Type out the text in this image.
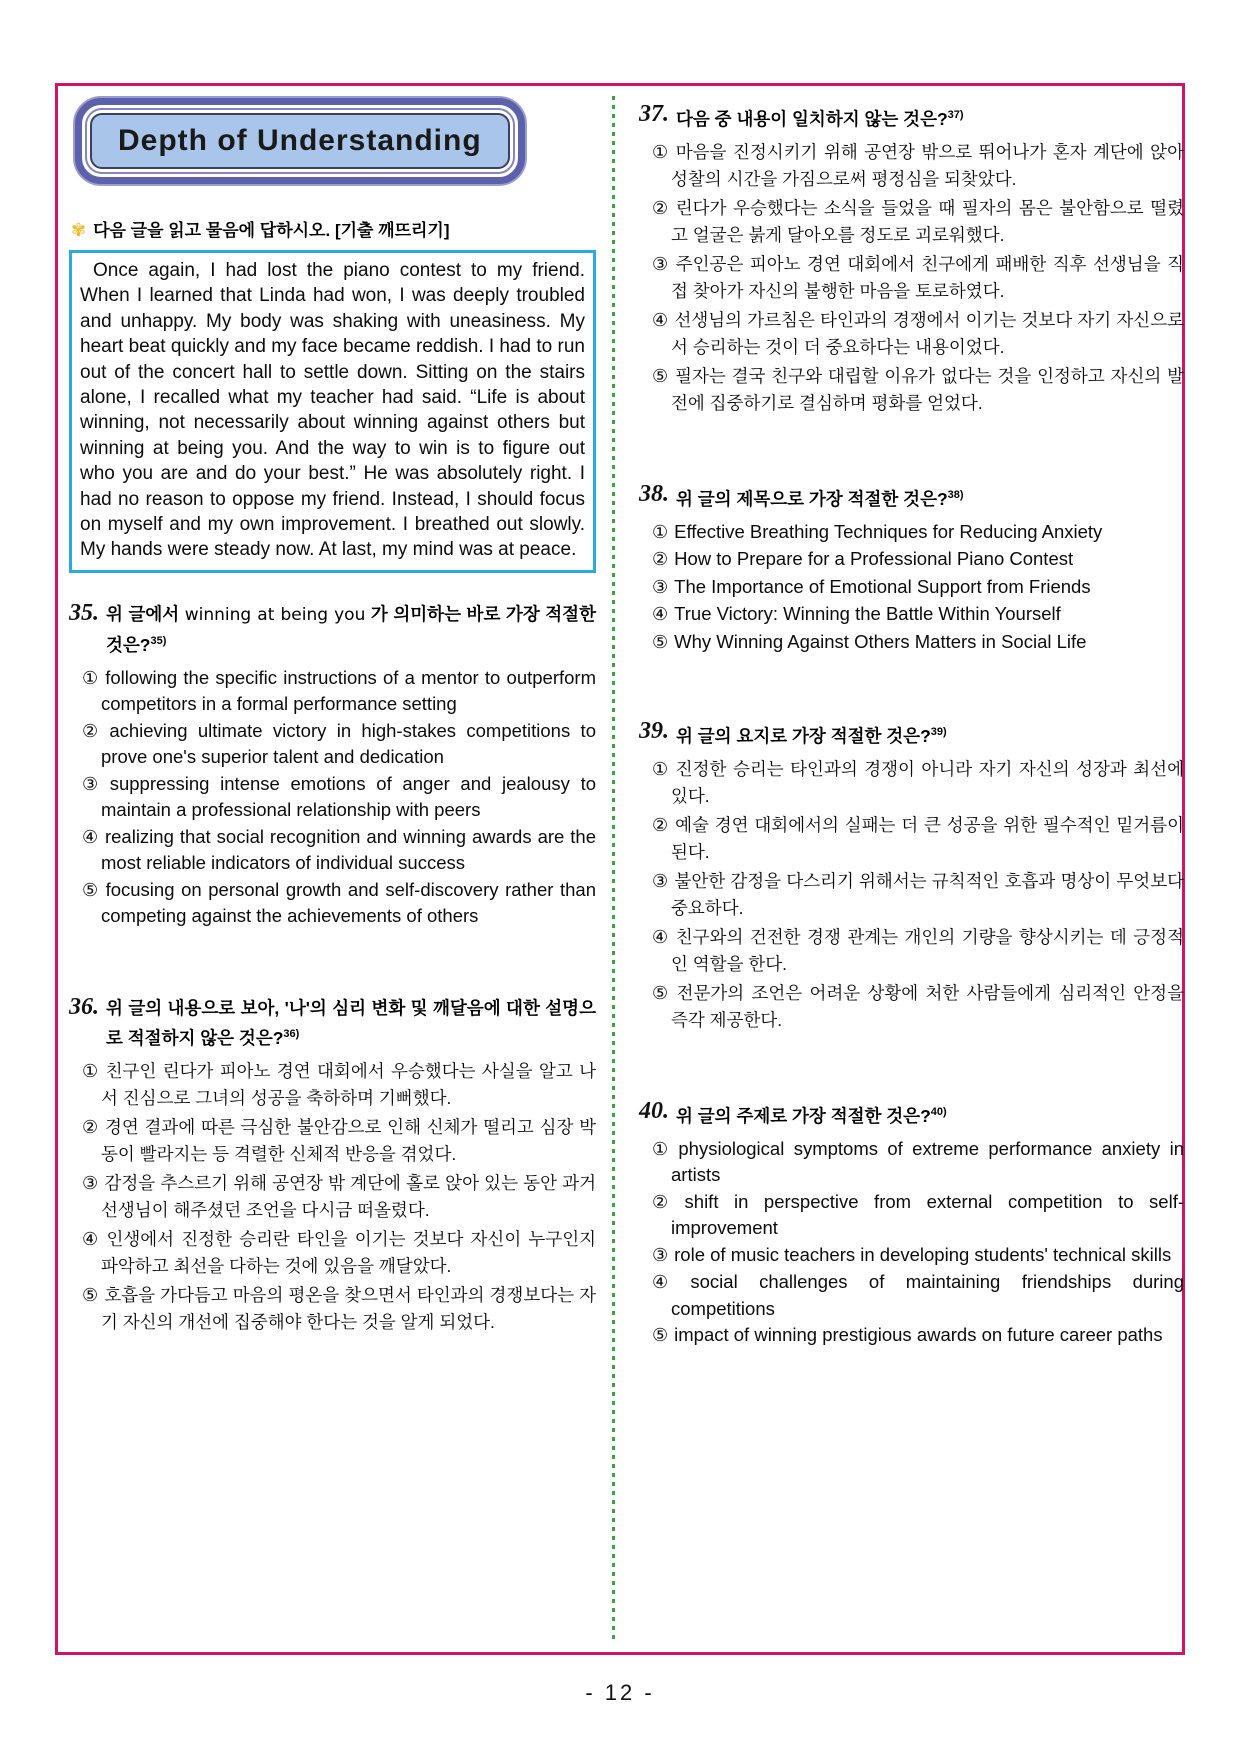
Depth of Understanding
✾ 다음 글을 읽고 물음에 답하시오. [기출 깨뜨리기]
Once again, I had lost the piano contest to my friend. When I learned that Linda had won, I was deeply troubled and unhappy. My body was shaking with uneasiness. My heart beat quickly and my face became reddish. I had to run out of the concert hall to settle down. Sitting on the stairs alone, I recalled what my teacher had said. “Life is about winning, not necessarily about winning against others but winning at being you. And the way to win is to figure out who you are and do your best.” He was absolutely right. I had no reason to oppose my friend. Instead, I should focus on myself and my own improvement. I breathed out slowly. My hands were steady now. At last, my mind was at peace.
35. 위 글에서 winning at being you 가 의미하는 바로 가장 적절한 것은?$^{35)}$
① following the specific instructions of a mentor to outperform competitors in a formal performance setting
② achieving ultimate victory in high-stakes competitions to prove one's superior talent and dedication
③ suppressing intense emotions of anger and jealousy to maintain a professional relationship with peers
④ realizing that social recognition and winning awards are the most reliable indicators of individual success
⑤ focusing on personal growth and self-discovery rather than competing against the achievements of others
36. 위 글의 내용으로 보아, '나'의 심리 변화 및 깨달음에 대한 설명으로 적절하지 않은 것은?$^{36)}$
① 친구인 린다가 피아노 경연 대회에서 우승했다는 사실을 알고 나서 진심으로 그녀의 성공을 축하하며 기뻐했다.
② 경연 결과에 따른 극심한 불안감으로 인해 신체가 떨리고 심장 박동이 빨라지는 등 격렬한 신체적 반응을 겪었다.
③ 감정을 추스르기 위해 공연장 밖 계단에 홀로 앉아 있는 동안 과거 선생님이 해주셨던 조언을 다시금 떠올렸다.
④ 인생에서 진정한 승리란 타인을 이기는 것보다 자신이 누구인지 파악하고 최선을 다하는 것에 있음을 깨달았다.
⑤ 호흡을 가다듬고 마음의 평온을 찾으면서 타인과의 경쟁보다는 자기 자신의 개선에 집중해야 한다는 것을 알게 되었다.
37. 다음 중 내용이 일치하지 않는 것은?$^{37)}$
① 마음을 진정시키기 위해 공연장 밖으로 뛰어나가 혼자 계단에 앉아 성찰의 시간을 가짐으로써 평정심을 되찾았다.
② 린다가 우승했다는 소식을 들었을 때 필자의 몸은 불안함으로 떨렸고 얼굴은 붉게 달아오를 정도로 괴로워했다.
③ 주인공은 피아노 경연 대회에서 친구에게 패배한 직후 선생님을 직접 찾아가 자신의 불행한 마음을 토로하였다.
④ 선생님의 가르침은 타인과의 경쟁에서 이기는 것보다 자기 자신으로서 승리하는 것이 더 중요하다는 내용이었다.
⑤ 필자는 결국 친구와 대립할 이유가 없다는 것을 인정하고 자신의 발전에 집중하기로 결심하며 평화를 얻었다.
38. 위 글의 제목으로 가장 적절한 것은?$^{38)}$
① Effective Breathing Techniques for Reducing Anxiety
② How to Prepare for a Professional Piano Contest
③ The Importance of Emotional Support from Friends
④ True Victory: Winning the Battle Within Yourself
⑤ Why Winning Against Others Matters in Social Life
39. 위 글의 요지로 가장 적절한 것은?$^{39)}$
① 진정한 승리는 타인과의 경쟁이 아니라 자기 자신의 성장과 최선에 있다.
② 예술 경연 대회에서의 실패는 더 큰 성공을 위한 필수적인 밑거름이 된다.
③ 불안한 감정을 다스리기 위해서는 규칙적인 호흡과 명상이 무엇보다 중요하다.
④ 친구와의 건전한 경쟁 관계는 개인의 기량을 향상시키는 데 긍정적인 역할을 한다.
⑤ 전문가의 조언은 어려운 상황에 처한 사람들에게 심리적인 안정을 즉각 제공한다.
40. 위 글의 주제로 가장 적절한 것은?$^{40)}$
① physiological symptoms of extreme performance anxiety in artists
② shift in perspective from external competition to self-improvement
③ role of music teachers in developing students' technical skills
④ social challenges of maintaining friendships during competitions
⑤ impact of winning prestigious awards on future career paths
- 12 -
